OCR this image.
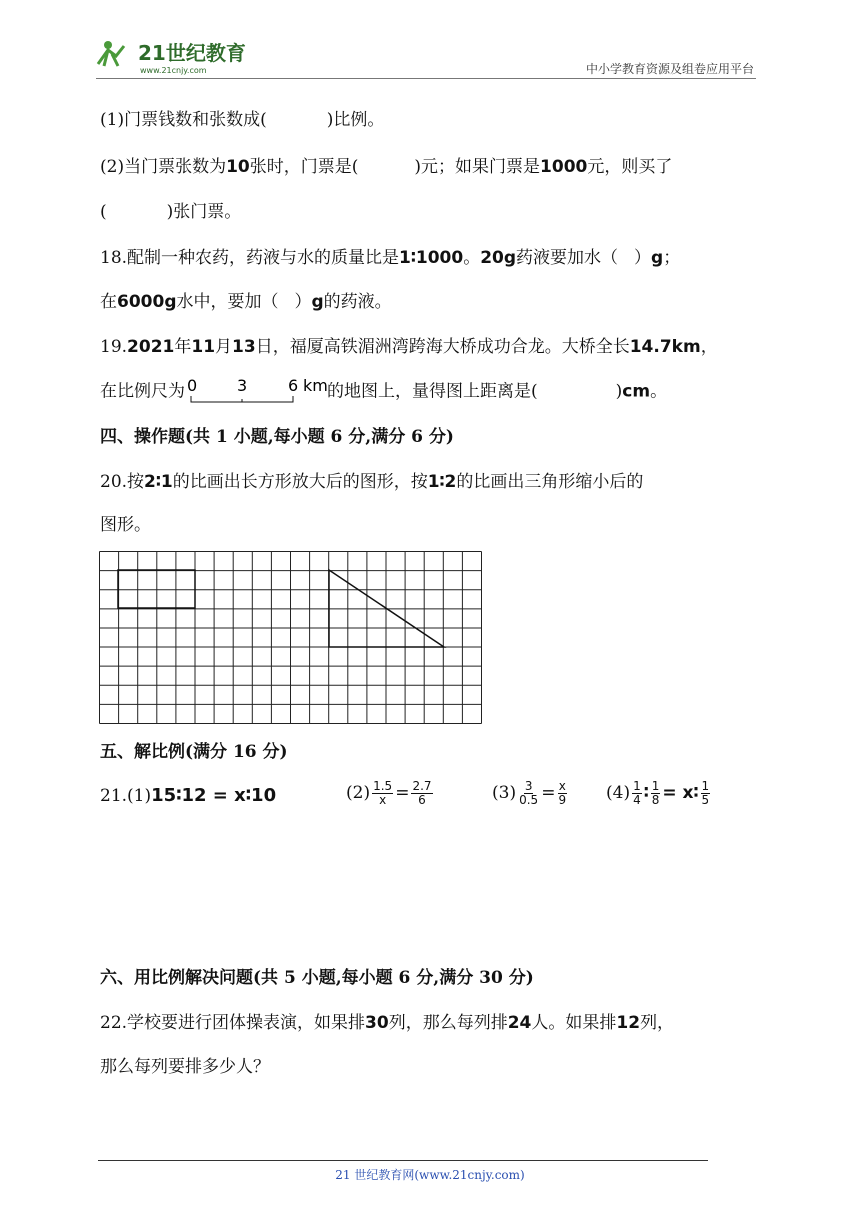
21世纪教育
www.21cnjy.com	中小学教育资源及组卷应用平台
(1)门票钱数和张数成(	)比例。
(2)当门票张数为10张时，门票是(	)元；如果门票是1000元，则买了
(	)张门票。
18.配制一种农药，药液与水的质量比是1∶1000。20g药液要加水（ ）g；
在6000g水中，要加（ ）g的药液。
19.2021年11月13日，福厦高铁湄洲湾跨海大桥成功合龙。大桥全长14.7km，
在比例尺为 0 3	6 km 的地图上，量得图上距离是(	)cm。
四、操作题(共 1 小题,每小题 6 分,满分 6 分)
20.按2∶1的比画出长方形放大后的图形，按1∶2的比画出三角形缩小后的
图形。
五、解比例(满分 16 分)
21.(1)15∶12 = x∶10	$(2) \frac{1.5}{x} = \frac{2.7}{6}$	$(3) \frac{3}{0.5} = \frac{x}{9} (4) \frac{1}{4}$ ∶ $\frac{1}{8}$ = x∶ $\frac{1}{5}$
六、用比例解决问题(共 5 小题,每小题 6 分,满分 30 分)
22.学校要进行团体操表演，如果排30列，那么每列排24人。如果排12列，
那么每列要排多少人？
21 世纪教育网(www.21cnjy.com)
